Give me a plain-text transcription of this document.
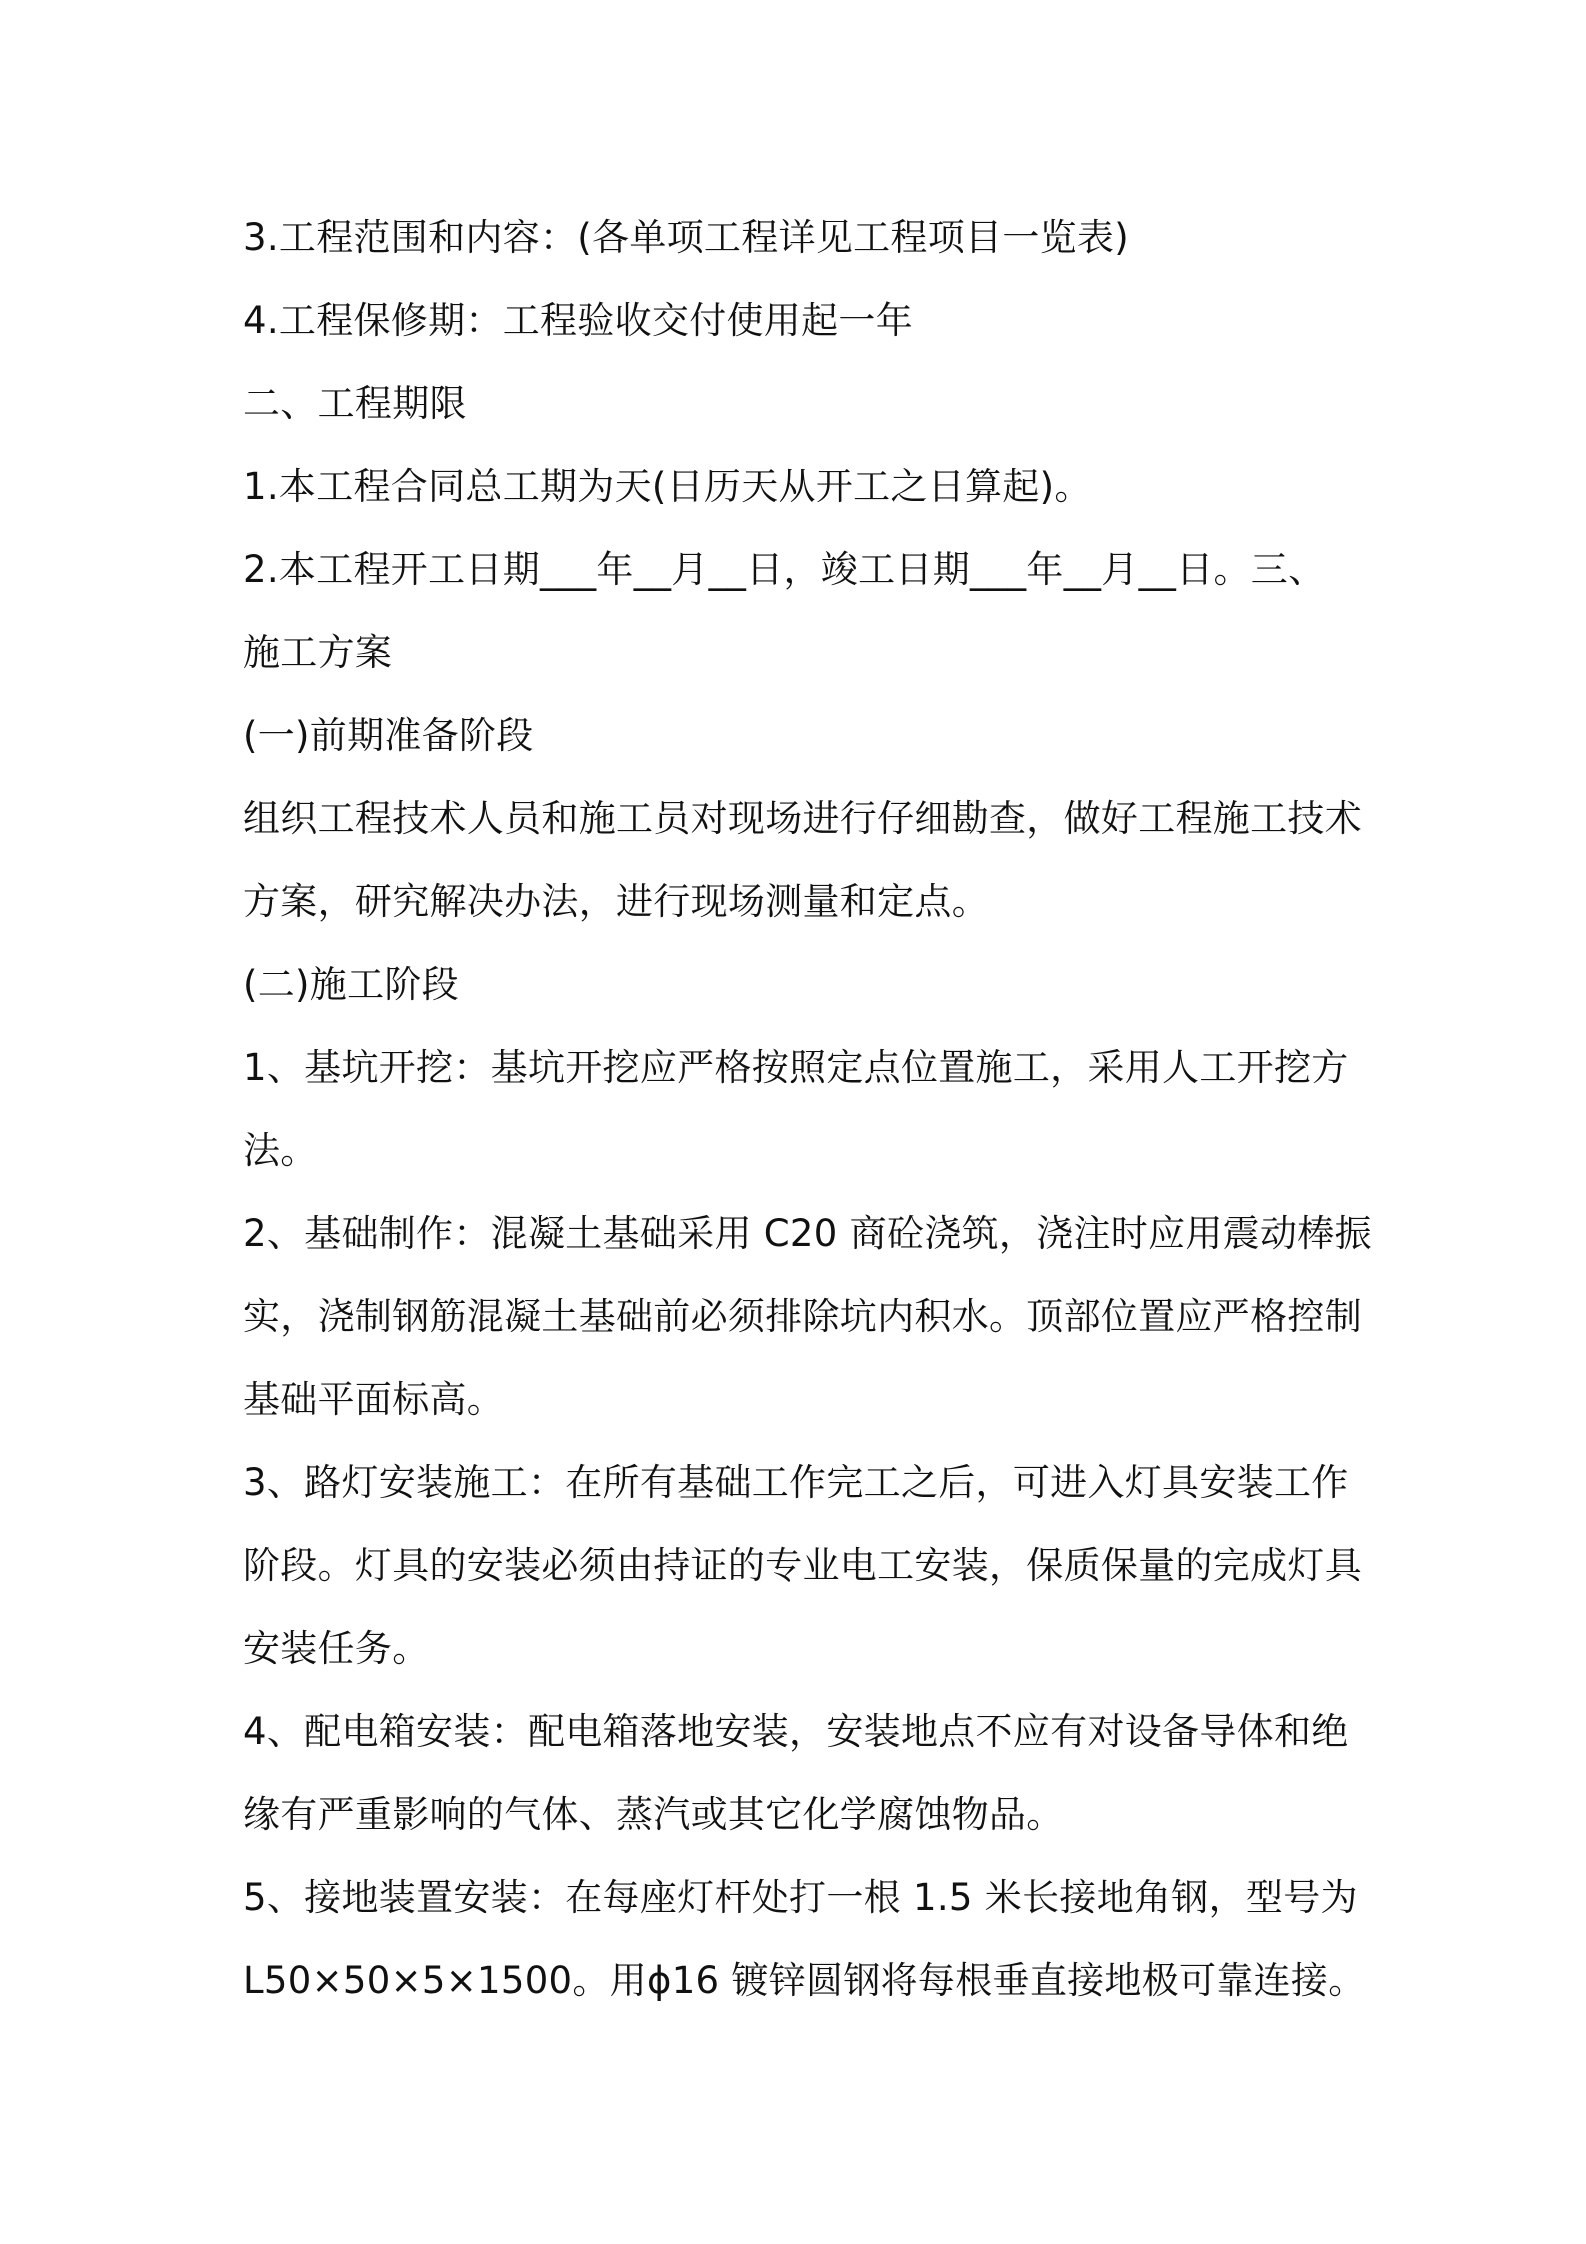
3.工程范围和内容：(各单项工程详见工程项目一览表)

4.工程保修期：工程验收交付使用起一年

二、工程期限

1.本工程合同总工期为天(日历天从开工之日算起)。

2.本工程开工日期___年__月__日，竣工日期___年__月__日。三、

施工方案

(一)前期准备阶段

组织工程技术人员和施工员对现场进行仔细勘查，做好工程施工技术

方案，研究解决办法，进行现场测量和定点。

(二)施工阶段

1、基坑开挖：基坑开挖应严格按照定点位置施工，采用人工开挖方

法。

2、基础制作：混凝土基础采用 C20 商砼浇筑，浇注时应用震动棒振

实，浇制钢筋混凝土基础前必须排除坑内积水。顶部位置应严格控制

基础平面标高。

3、路灯安装施工：在所有基础工作完工之后，可进入灯具安装工作

阶段。灯具的安装必须由持证的专业电工安装，保质保量的完成灯具

安装任务。

4、配电箱安装：配电箱落地安装，安装地点不应有对设备导体和绝

缘有严重影响的气体、蒸汽或其它化学腐蚀物品。

5、接地装置安装：在每座灯杆处打一根 1.5 米长接地角钢，型号为

L50×50×5×1500。用ϕ16 镀锌圆钢将每根垂直接地极可靠连接。
